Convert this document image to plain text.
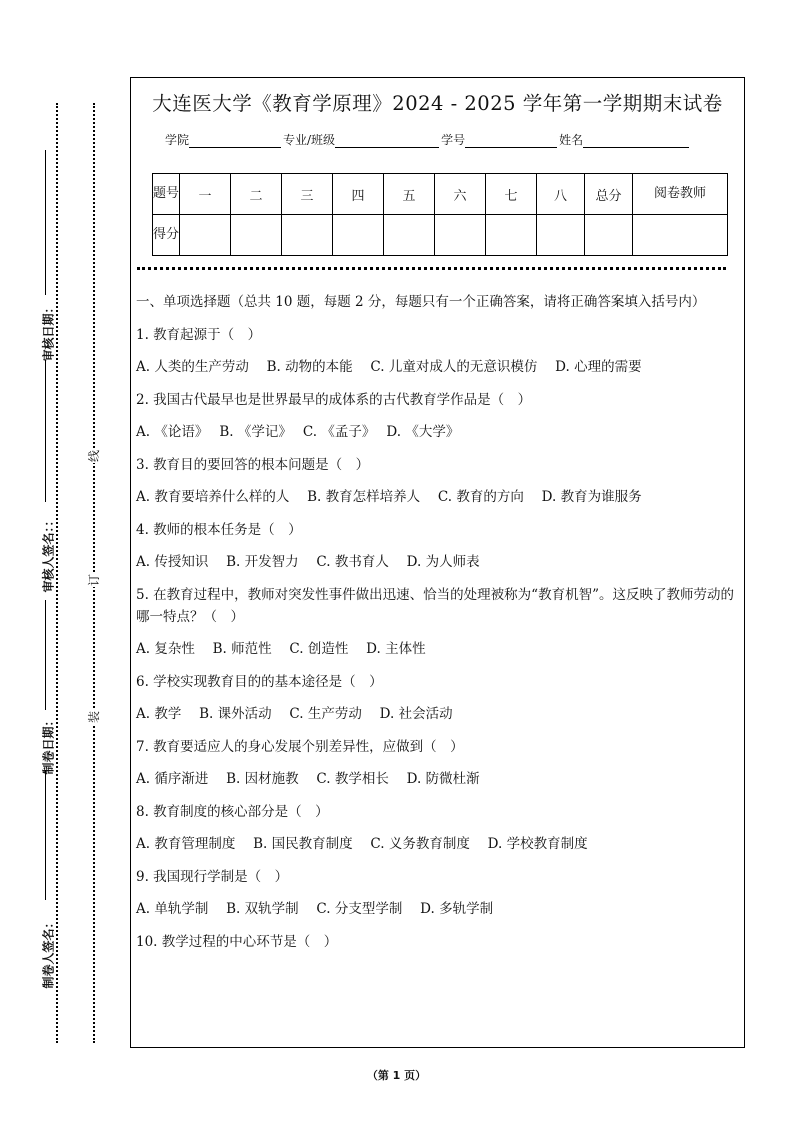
审核日期：
审核人签名：：
制卷日期：
制卷人签名：
线
订
装
大连医大学《教育学原理》2024 - 2025 学年第一学期期末试卷
学院	专业/班级	学号	姓名
题号	一	二	三	四	五	六	七	八	总分	阅卷教师
得分										

一、单项选择题（总共 10 题，每题 2 分，每题只有一个正确答案，请将正确答案填入括号内）

1. 教育起源于（　）

A. 人类的生产劳动　 B. 动物的本能　 C. 儿童对成人的无意识模仿　 D. 心理的需要

2. 我国古代最早也是世界最早的成体系的古代教育学作品是（　）

A. 《论语》　 B. 《学记》　 C. 《孟子》　 D. 《大学》

3. 教育目的要回答的根本问题是（　）

A. 教育要培养什么样的人　 B. 教育怎样培养人　 C. 教育的方向　 D. 教育为谁服务

4. 教师的根本任务是（　）

A. 传授知识　 B. 开发智力　 C. 教书育人　 D. 为人师表

5. 在教育过程中，教师对突发性事件做出迅速、恰当的处理被称为“教育机智”。这反映了教师劳动的哪一特点？（　）

A. 复杂性　 B. 师范性　 C. 创造性　 D. 主体性

6. 学校实现教育目的的基本途径是（　）

A. 教学　 B. 课外活动　 C. 生产劳动　 D. 社会活动

7. 教育要适应人的身心发展个别差异性，应做到（　）

A. 循序渐进　 B. 因材施教　 C. 教学相长　 D. 防微杜渐

8. 教育制度的核心部分是（　）

A. 教育管理制度　 B. 国民教育制度　 C. 义务教育制度　 D. 学校教育制度

9. 我国现行学制是（　）

A. 单轨学制　 B. 双轨学制　 C. 分支型学制　 D. 多轨学制

10. 教学过程的中心环节是（　）

（第 1 页）
